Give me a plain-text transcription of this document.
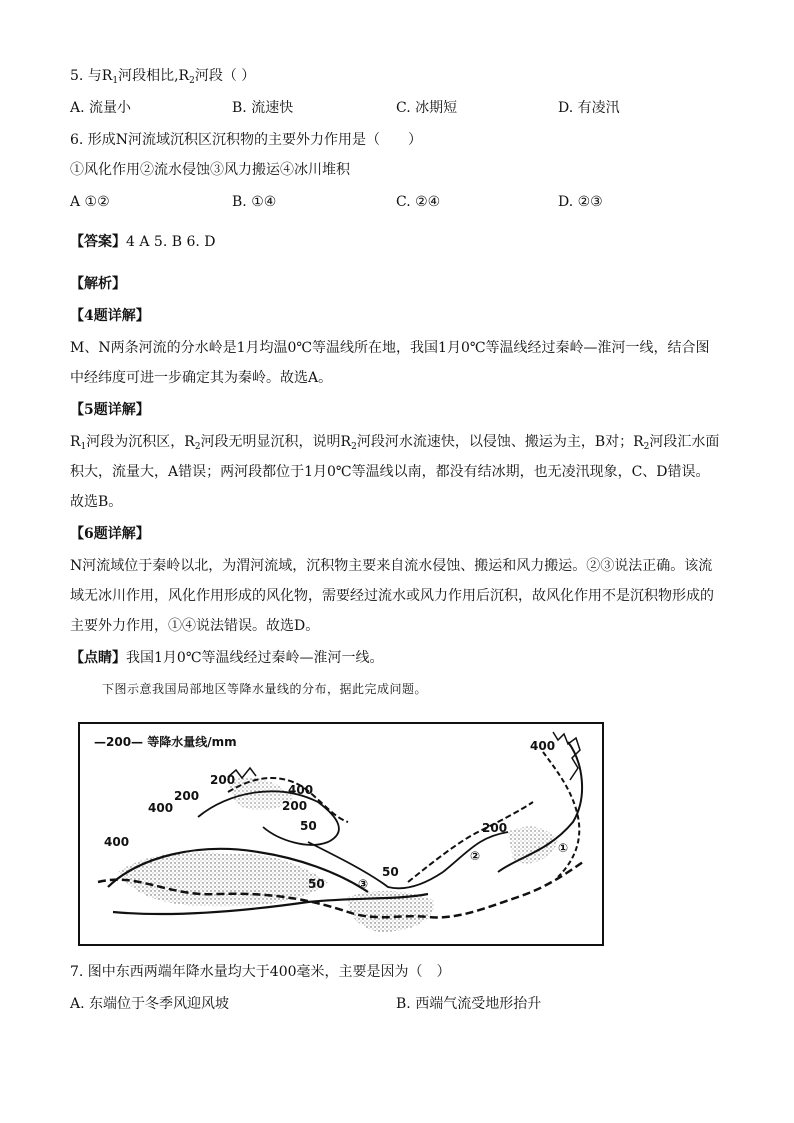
5. 与$R_1$河段相比$,R_2$河段（ ）
A. 流量小	B. 流速快	C. 冰期短	D. 有凌汛
6. 形成N河流域沉积区沉积物的主要外力作用是（　　）
①风化作用②流水侵蚀③风力搬运④冰川堆积
A ①②	B. ①④	C. ②④	D. ②③
【答案】4 A 5. B 6. D
【解析】
【4题详解】
M、N两条河流的分水岭是1月均温0℃等温线所在地，我国1月0℃等温线经过秦岭—淮河一线，结合图
中经纬度可进一步确定其为秦岭。故选A。
【5题详解】
$R_1$河段为沉积区，$R_2$河段无明显沉积，说明$R_2$河段河水流速快，以侵蚀、搬运为主，B对；$R_2$河段汇水面
积大，流量大，A错误；两河段都位于1月0℃等温线以南，都没有结冰期，也无凌汛现象，C、D错误。
故选B。
【6题详解】
N河流域位于秦岭以北，为渭河流域，沉积物主要来自流水侵蚀、搬运和风力搬运。②③说法正确。该流
域无冰川作用，风化作用形成的风化物，需要经过流水或风力作用后沉积，故风化作用不是沉积物形成的
主要外力作用，①④说法错误。故选D。
【点睛】我国1月0℃等温线经过秦岭—淮河一线。
下图示意我国局部地区等降水量线的分布，据此完成问题。
—200— 等降水量线/mm	400
200
200	400
200
400
50
400
50
50
200
②
①
③
7. 图中东西两端年降水量均大于400毫米，主要是因为（　）
A. 东端位于冬季风迎风坡	B. 西端气流受地形抬升
